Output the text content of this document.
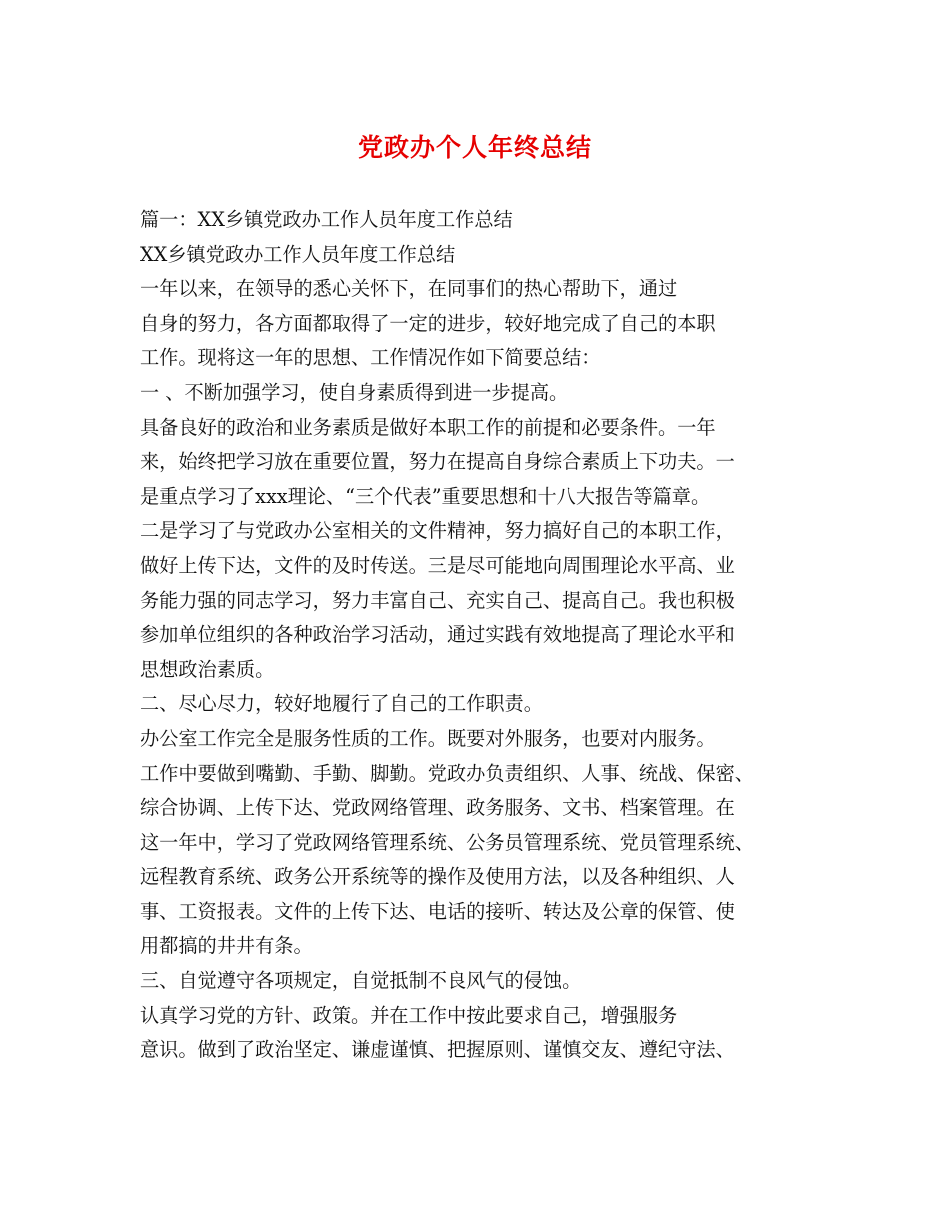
党政办个人年终总结
篇一：XX乡镇党政办工作人员年度工作总结
XX乡镇党政办工作人员年度工作总结
一年以来，在领导的悉心关怀下，在同事们的热心帮助下，通过
自身的努力，各方面都取得了一定的进步，较好地完成了自己的本职
工作。现将这一年的思想、工作情况作如下简要总结：
一 、不断加强学习，使自身素质得到进一步提高。
具备良好的政治和业务素质是做好本职工作的前提和必要条件。一年
来，始终把学习放在重要位置，努力在提高自身综合素质上下功夫。一
是重点学习了xxx理论、“三个代表”重要思想和十八大报告等篇章。
二是学习了与党政办公室相关的文件精神，努力搞好自己的本职工作，
做好上传下达，文件的及时传送。三是尽可能地向周围理论水平高、业
务能力强的同志学习，努力丰富自己、充实自己、提高自己。我也积极
参加单位组织的各种政治学习活动，通过实践有效地提高了理论水平和
思想政治素质。
二、尽心尽力，较好地履行了自己的工作职责。
办公室工作完全是服务性质的工作。既要对外服务，也要对内服务。
工作中要做到嘴勤、手勤、脚勤。党政办负责组织、人事、统战、保密、
综合协调、上传下达、党政网络管理、政务服务、文书、档案管理。在
这一年中，学习了党政网络管理系统、公务员管理系统、党员管理系统、
远程教育系统、政务公开系统等的操作及使用方法，以及各种组织、人
事、工资报表。文件的上传下达、电话的接听、转达及公章的保管、使
用都搞的井井有条。
三、自觉遵守各项规定，自觉抵制不良风气的侵蚀。
认真学习党的方针、政策。并在工作中按此要求自己，增强服务
意识。做到了政治坚定、谦虚谨慎、把握原则、谨慎交友、遵纪守法、
